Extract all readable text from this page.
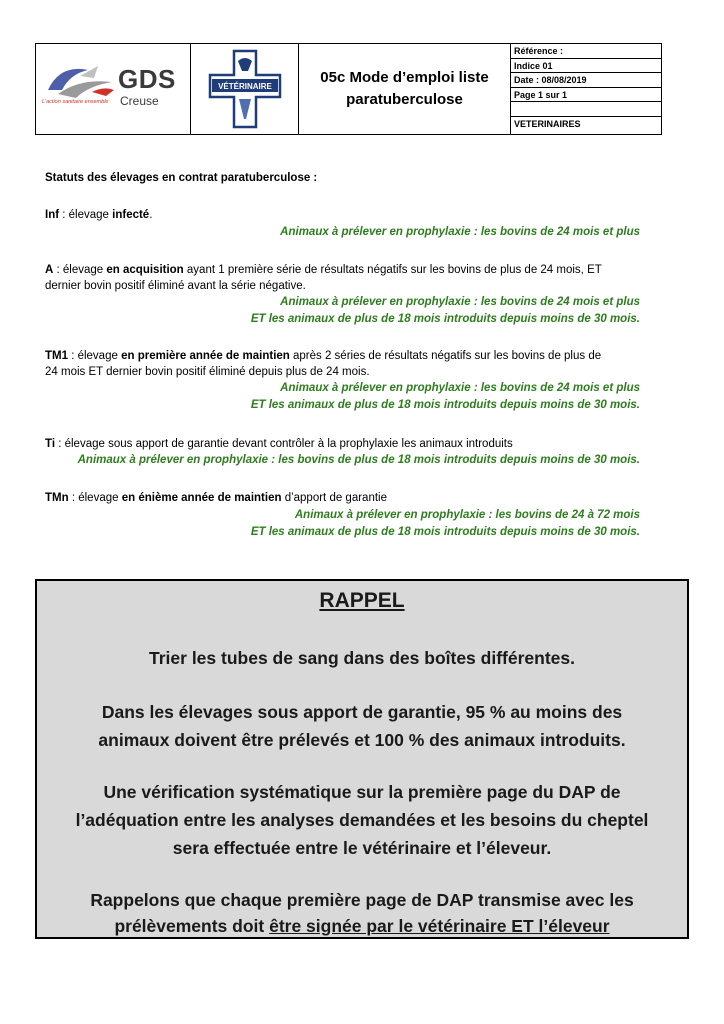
GDS
Creuse
L'action sanitaire ensemble
VÉTÉRINAIRE
05c Mode d’emploi liste paratuberculose
Référence :
Indice 01
Date : 08/08/2019
Page 1 sur 1
VETERINAIRES
Statuts des élevages en contrat paratuberculose :
Inf : élevage infecté.
Animaux à prélever en prophylaxie : les bovins de 24 mois et plus
A : élevage en acquisition ayant 1 première série de résultats négatifs sur les bovins de plus de 24 mois, ET
dernier bovin positif éliminé avant la série négative.
Animaux à prélever en prophylaxie : les bovins de 24 mois et plus
ET les animaux de plus de 18 mois introduits depuis moins de 30 mois.
TM1 : élevage en première année de maintien après 2 séries de résultats négatifs sur les bovins de plus de
24 mois ET dernier bovin positif éliminé depuis plus de 24 mois.
Animaux à prélever en prophylaxie : les bovins de 24 mois et plus
ET les animaux de plus de 18 mois introduits depuis moins de 30 mois.
Ti : élevage sous apport de garantie devant contrôler à la prophylaxie les animaux introduits
Animaux à prélever en prophylaxie : les bovins de plus de 18 mois introduits depuis moins de 30 mois.
TMn : élevage en énième année de maintien d’apport de garantie
Animaux à prélever en prophylaxie : les bovins de 24 à 72 mois
ET les animaux de plus de 18 mois introduits depuis moins de 30 mois.
RAPPEL
Trier les tubes de sang dans des boîtes différentes.
Dans les élevages sous apport de garantie, 95 % au moins des
animaux doivent être prélevés et 100 % des animaux introduits.
Une vérification systématique sur la première page du DAP de
l’adéquation entre les analyses demandées et les besoins du cheptel
sera effectuée entre le vétérinaire et l’éleveur.
Rappelons que chaque première page de DAP transmise avec les
prélèvements doit être signée par le vétérinaire ET l’éleveur
